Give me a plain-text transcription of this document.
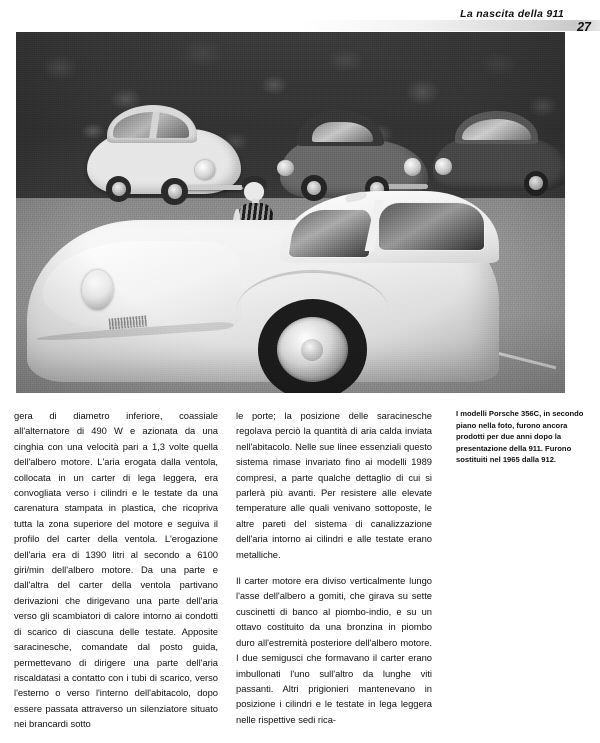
La nascita della 911
27

gera di diametro inferiore, coassiale all'alternatore di 490 W e azionata da una cinghia con una velocità pari a 1,3 volte quella dell'albero motore. L'aria erogata dalla ventola, collocata in un carter di lega leggera, era convogliata verso i cilindri e le testate da una carenatura stampata in plastica, che ricopriva tutta la zona superiore del motore e seguiva il profilo del carter della ventola. L'erogazione dell'aria era di 1390 litri al secondo a 6100 giri/min dell'albero motore. Da una parte e dall'altra del carter della ventola partivano derivazioni che dirigevano una parte dell'aria verso gli scambiatori di calore intorno ai condotti di scarico di ciascuna delle testate. Apposite saracinesche, comandate dal posto guida, permettevano di dirigere una parte dell'aria riscaldatasi a contatto con i tubi di scarico, verso l'esterno o verso l'interno dell'abitacolo, dopo essere passata attraverso un silenziatore situato nei brancardi sotto

le porte; la posizione delle saracinesche regolava perciò la quantità di aria calda inviata nell'abitacolo. Nelle sue linee essenziali questo sistema rimase invariato fino ai modelli 1989 compresi, a parte qualche dettaglio di cui si parlerà più avanti. Per resistere alle elevate temperature alle quali venivano sottoposte, le altre pareti del sistema di canalizzazione dell'aria intorno ai cilindri e alle testate erano metalliche.

Il carter motore era diviso verticalmente lungo l'asse dell'albero a gomiti, che girava su sette cuscinetti di banco al piombo-indio, e su un ottavo costituito da una bronzina in piombo duro all'estremità posteriore dell'albero motore. I due semigusci che formavano il carter erano imbullonati l'uno sull'altro da lunghe viti passanti. Altri prigionieri mantenevano in posizione i cilindri e le testate in lega leggera nelle rispettive sedi rica-

I modelli Porsche 356C, in secondo piano nella foto, furono ancora prodotti per due anni dopo la presentazione della 911. Furono sostituiti nel 1965 dalla 912.
